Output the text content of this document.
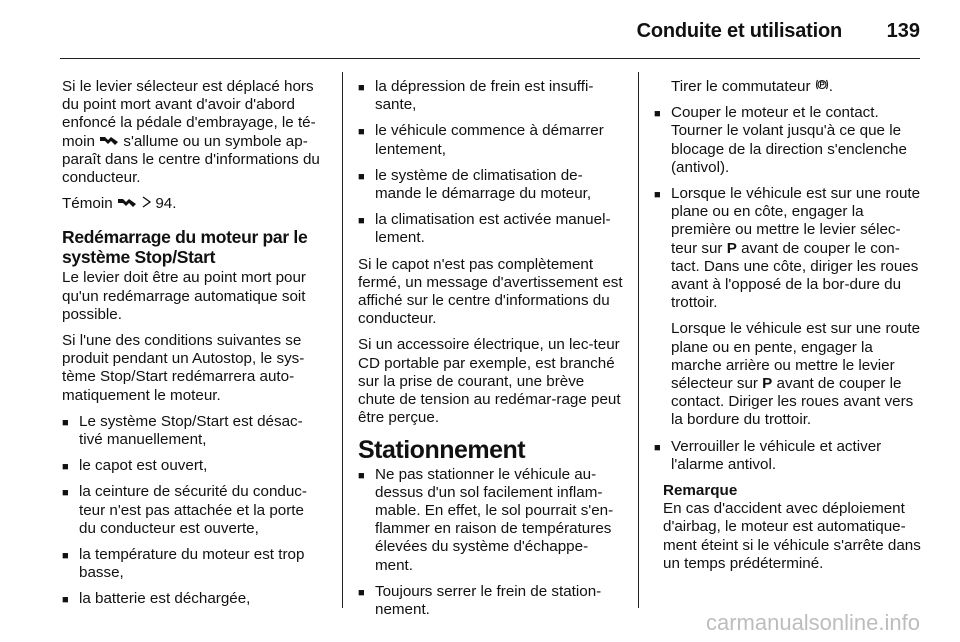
Conduite et utilisation 139

Si le levier sélecteur est déplacé hors du point mort avant d'avoir d'abord enfoncé la pédale d'embrayage, le té-moin  s'allume ou un symbole ap-paraît dans le centre d'informations du conducteur.

Témoin	94.

Redémarrage du moteur par le système Stop/Start

Le levier doit être au point mort pour qu'un redémarrage automatique soit possible.

Si l'une des conditions suivantes se produit pendant un Autostop, le sys-tème Stop/Start redémarrera auto-matiquement le moteur.

■ Le système Stop/Start est désac-tivé manuellement,
■ le capot est ouvert,
■ la ceinture de sécurité du conduc-teur n'est pas attachée et la porte du conducteur est ouverte,
■ la température du moteur est trop basse,
■ la batterie est déchargée,
■ la dépression de frein est insuffi-sante,
■ le véhicule commence à démarrer lentement,
■ le système de climatisation de-mande le démarrage du moteur,
■ la climatisation est activée manuel-lement.

Si le capot n'est pas complètement fermé, un message d'avertissement est affiché sur le centre d'informations du conducteur.

Si un accessoire électrique, un lec-teur CD portable par exemple, est branché sur la prise de courant, une brève chute de tension au redémar-rage peut être perçue.

Stationnement
■ Ne pas stationner le véhicule au-dessus d'un sol facilement inflam-mable. En effet, le sol pourrait s'en-flammer en raison de températures élevées du système d'échappe-ment.
■ Toujours serrer le frein de station-nement.

Tirer le commutateur .

■ Couper le moteur et le contact. Tourner le volant jusqu'à ce que le blocage de la direction s'enclenche (antivol).
■ Lorsque le véhicule est sur une route plane ou en côte, engager la première ou mettre le levier sélec-teur sur P avant de couper le con-tact. Dans une côte, diriger les roues avant à l'opposé de la bor-dure du trottoir.

Lorsque le véhicule est sur une route plane ou en pente, engager la marche arrière ou mettre le levier sélecteur sur P avant de couper le contact. Diriger les roues avant vers la bordure du trottoir.

■ Verrouiller le véhicule et activer l'alarme antivol.

Remarque

En cas d'accident avec déploiement d'airbag, le moteur est automatique-ment éteint si le véhicule s'arrête dans un temps prédéterminé.

carmanualsonline.info
